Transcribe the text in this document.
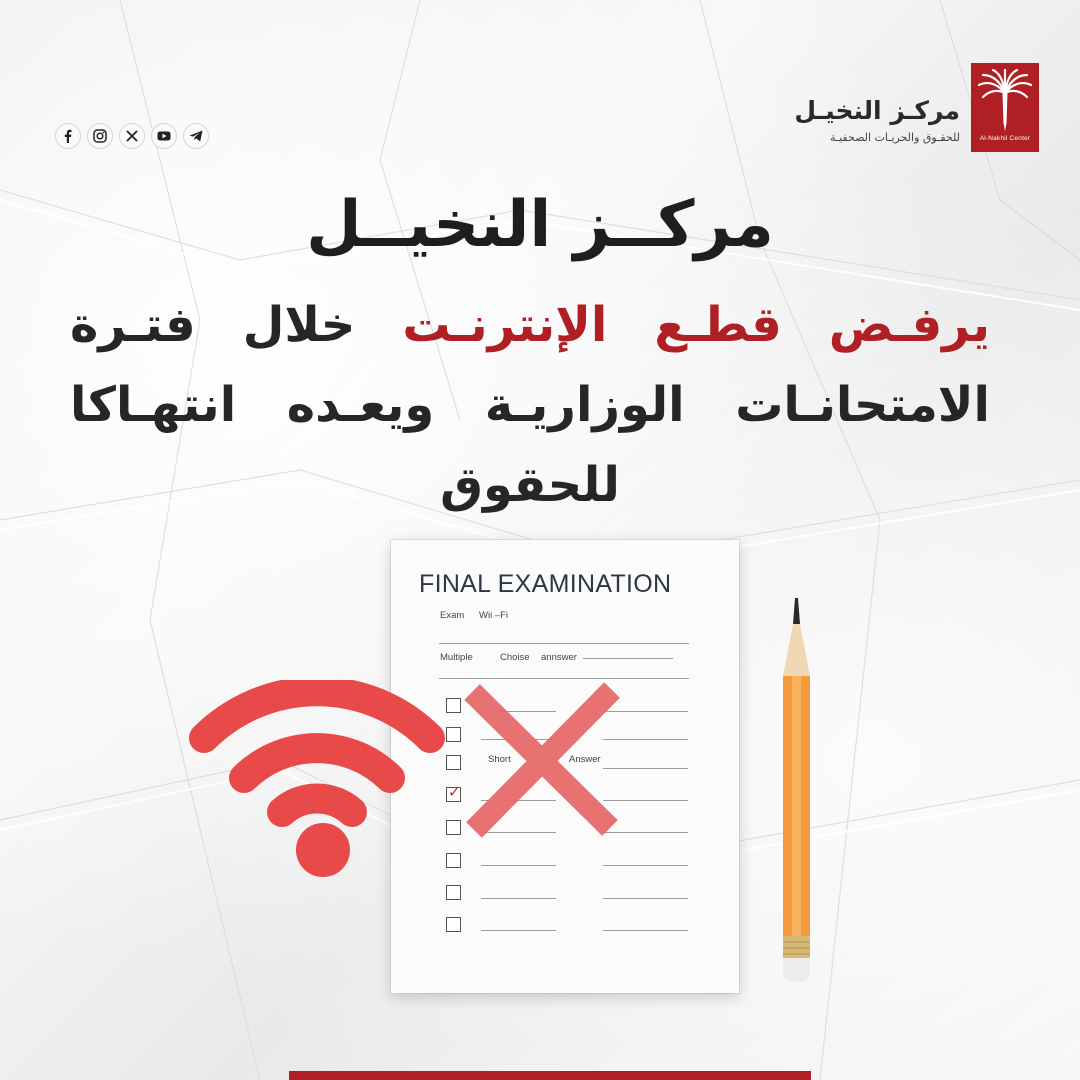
Al-Nakhil Center
مركـز النخيـل
للحقـوق والحريـات الصحفيـة
مركــز النخيــل
يرفـض
قطـع
الإنترنـت
خلال
فتـرة
الامتحانـات
الوزاريـة
ويعـده
انتهـاكا
للحقوق
FINAL EXAMINATION
Exam Wii –Fi
Multiple	Choise annswer
Short	Answer
✓
